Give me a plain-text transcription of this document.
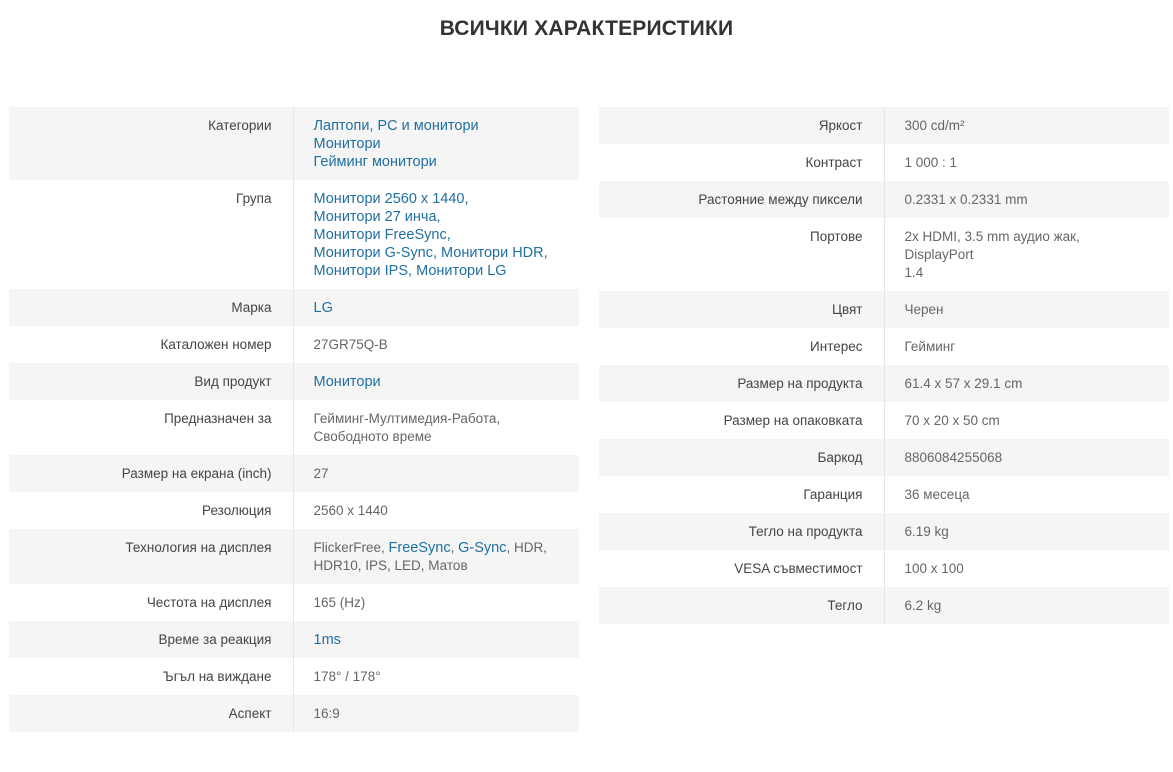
ВСИЧКИ ХАРАКТЕРИСТИКИ
Категории	Лаптопи, PC и монитори
Монитори
Гейминг монитори

Група	Монитори 2560 x 1440,
Монитори 27 инча,
Монитори FreeSync,
Монитори G-Sync, Монитори HDR,
Монитори IPS, Монитори LG

Марка	LG
Каталожен номер	27GR75Q-B
Вид продукт	Монитори
Предназначен за	Гейминг-Мултимедия-Работа,
Свободното време

Размер на екрана (inch)	27
Резолюция	2560 x 1440
Технология на дисплея	FlickerFree, FreeSync, G-Sync, HDR,
HDR10, IPS, LED, Матов

Честота на дисплея	165 (Hz)
Време за реакция	1ms
Ъгъл на виждане	178° / 178°
Аспект	16:9
Яркост	300 cd/m²
Контраст	1 000 : 1
Растояние между пиксели	0.2331 x 0.2331 mm
Портове	2x HDMI, 3.5 mm аудио жак, DisplayPort
1.4

Цвят	Черен
Интерес	Гейминг
Размер на продукта	61.4 x 57 x 29.1 cm
Размер на опаковката	70 x 20 x 50 cm
Баркод	8806084255068
Гаранция	36 месеца
Тегло на продукта	6.19 kg
VESA съвместимост	100 x 100
Тегло	6.2 kg
